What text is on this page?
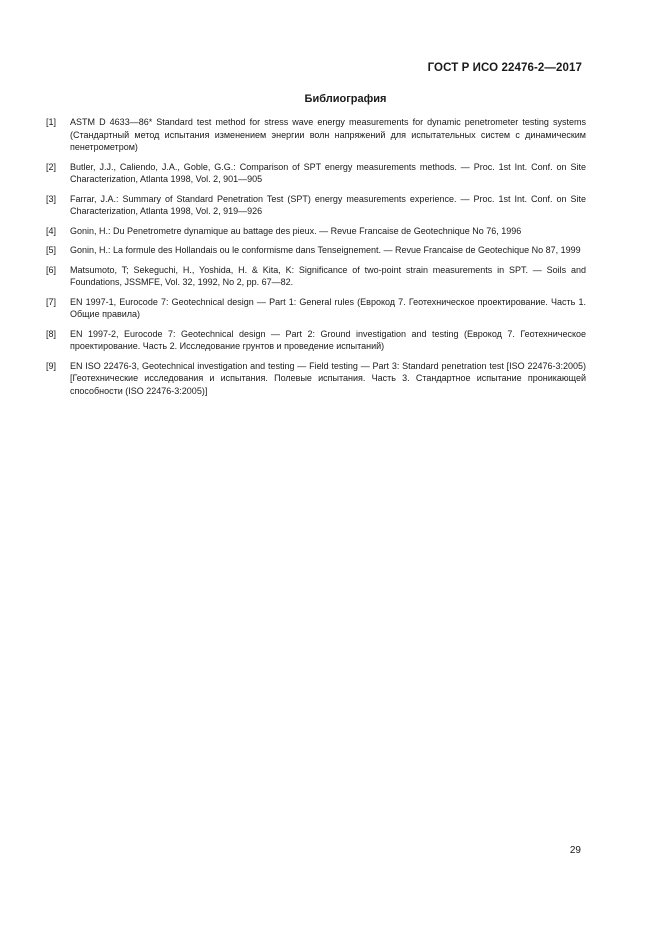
ГОСТ Р ИСО 22476-2—2017
Библиография
[1]	ASTM D 4633—86* Standard test method for stress wave energy measurements for dynamic penetrometer testing systems (Стандартный метод испытания изменением энергии волн напряжений для испытательных систем с динамическим пенетрометром)
[2]	Butler, J.J., Caliendo, J.A., Goble, G.G.: Comparison of SPT energy measurements methods. — Proc. 1st Int. Conf. on Site Characterization, Atlanta 1998, Vol. 2, 901—905
[3]	Farrar, J.A.: Summary of Standard Penetration Test (SPT) energy measurements experience. — Proc. 1st Int. Conf. on Site Characterization, Atlanta 1998, Vol. 2, 919—926
[4]	Gonin, H.: Du Penetrometre dynamique au battage des pieux. — Revue Francaise de Geotechnique No 76, 1996
[5]	Gonin, H.: La formule des Hollandais ou le conformisme dans Tenseignement. — Revue Francaise de Geotechique No 87, 1999
[6]	Matsumoto, T; Sekeguchi, H., Yoshida, H. & Kita, K: Significance of two-point strain measurements in SPT. — Soils and Foundations, JSSMFE, Vol. 32, 1992, No 2, pp. 67—82.
[7]	EN 1997-1, Eurocode 7: Geotechnical design — Part 1: General rules (Еврокод 7. Геотехническое проектирование. Часть 1. Общие правила)
[8]	EN 1997-2, Eurocode 7: Geotechnical design — Part 2: Ground investigation and testing (Еврокод 7. Геотехническое проектирование. Часть 2. Исследование грунтов и проведение испытаний)
[9]	EN ISO 22476-3, Geotechnical investigation and testing — Field testing — Part 3: Standard penetration test [ISO 22476-3:2005) [Геотехнические исследования и испытания. Полевые испытания. Часть 3. Стандартное испытание проникающей способности (ISO 22476-3:2005)]
29
